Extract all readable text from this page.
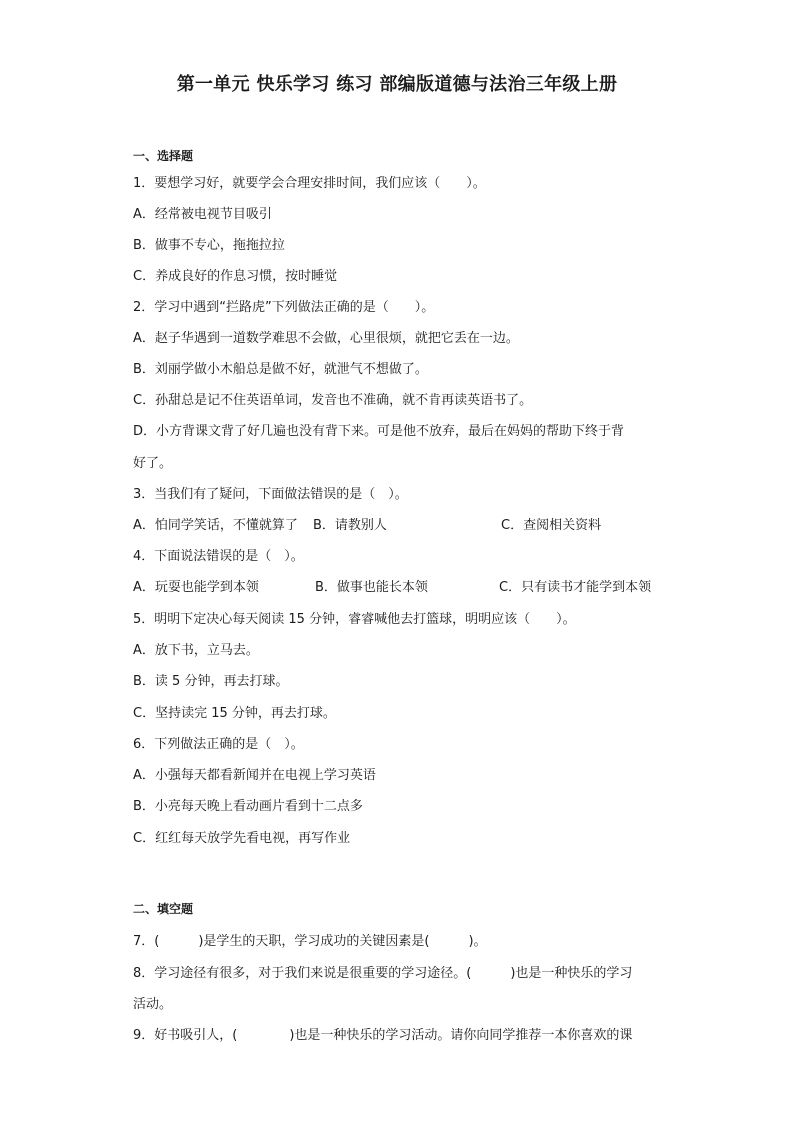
第一单元 快乐学习 练习 部编版道德与法治三年级上册
一、选择题
1．要想学习好，就要学会合理安排时间，我们应该（　　）。
A．经常被电视节目吸引
B．做事不专心，拖拖拉拉
C．养成良好的作息习惯，按时睡觉
2．学习中遇到“拦路虎”下列做法正确的是（　　）。
A．赵子华遇到一道数学难思不会做，心里很烦，就把它丢在一边。
B．刘丽学做小木船总是做不好，就泄气不想做了。
C．孙甜总是记不住英语单词，发音也不准确，就不肯再读英语书了。
D．小方背课文背了好几遍也没有背下来。可是他不放弃，最后在妈妈的帮助下终于背
好了。
3．当我们有了疑问，下面做法错误的是（　）。
A．怕同学笑话，不懂就算了 B．请教别人	C．查阅相关资料
4．下面说法错误的是（　）。
A．玩耍也能学到本领	B．做事也能长本领	C．只有读书才能学到本领
5．明明下定决心每天阅读 15 分钟，睿睿喊他去打篮球，明明应该（　　）。
A．放下书，立马去。
B．读 5 分钟，再去打球。
C．坚持读完 15 分钟，再去打球。
6．下列做法正确的是（　）。
A．小强每天都看新闻并在电视上学习英语
B．小亮每天晚上看动画片看到十二点多
C．红红每天放学先看电视，再写作业
二、填空题
7．(　　　)是学生的天职，学习成功的关键因素是(　　　)。
8．学习途径有很多，对于我们来说是很重要的学习途径。(　　　)也是一种快乐的学习
活动。
9．好书吸引人，(　　　　)也是一种快乐的学习活动。请你向同学推荐一本你喜欢的课
